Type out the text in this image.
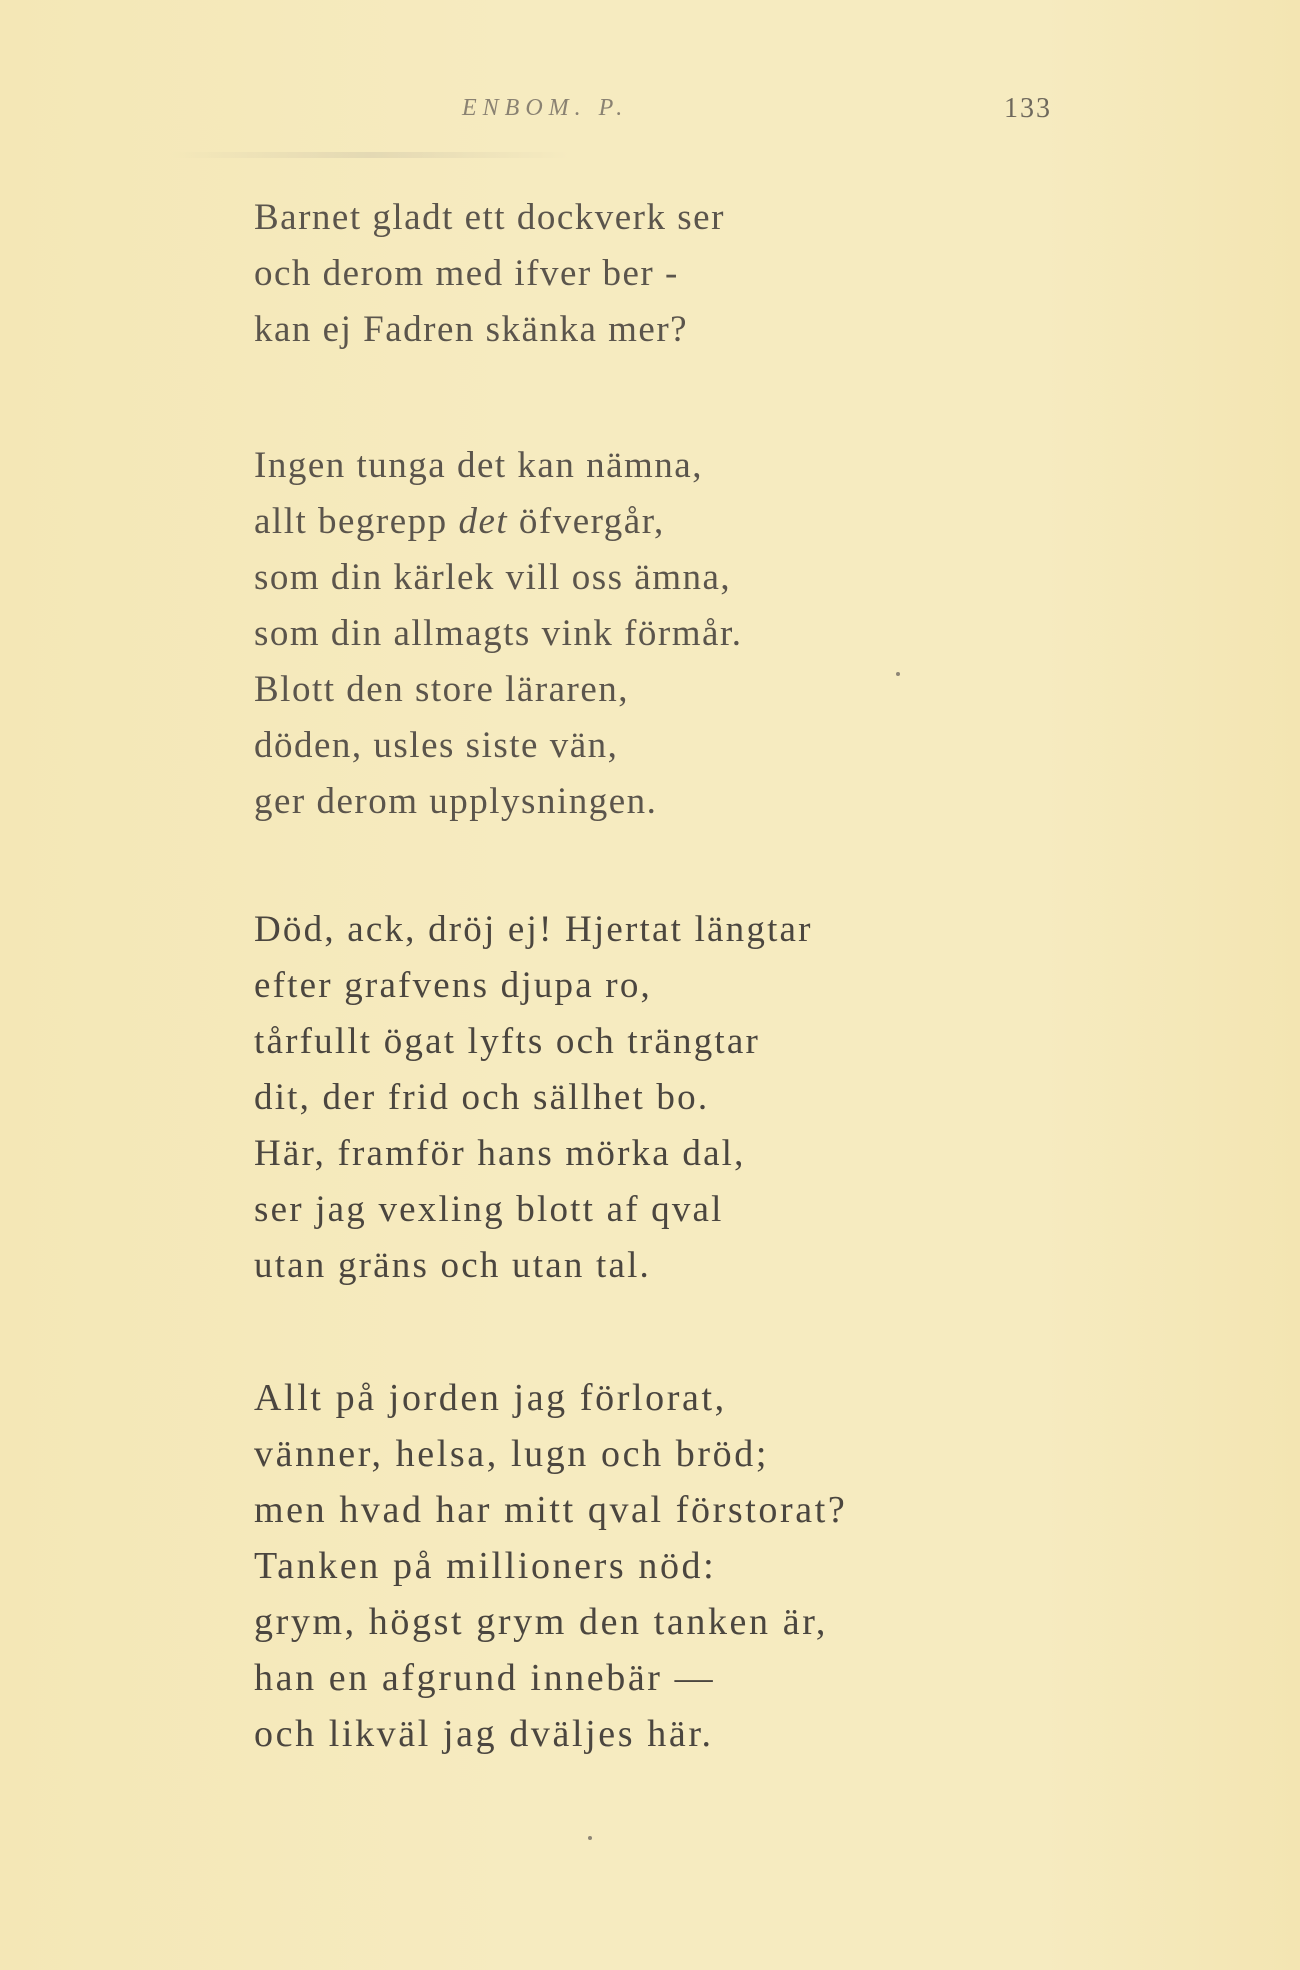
ENBOM. P.	133
Barnet gladt ett dockverk ser
och derom med ifver ber -
kan ej Fadren skänka mer?
Ingen tunga det kan nämna,
allt begrepp det öfvergår,
som din kärlek vill oss ämna,
som din allmagts vink förmår.
Blott den store läraren,
döden, usles siste vän,
ger derom upplysningen.
Död, ack, dröj ej! Hjertat längtar
efter grafvens djupa ro,
tårfullt ögat lyfts och trängtar
dit, der frid och sällhet bo.
Här, framför hans mörka dal,
ser jag vexling blott af qval
utan gräns och utan tal.
Allt på jorden jag förlorat,
vänner, helsa, lugn och bröd;
men hvad har mitt qval förstorat?
Tanken på millioners nöd:
grym, högst grym den tanken är,
han en afgrund innebär —
och likväl jag dväljes här.
